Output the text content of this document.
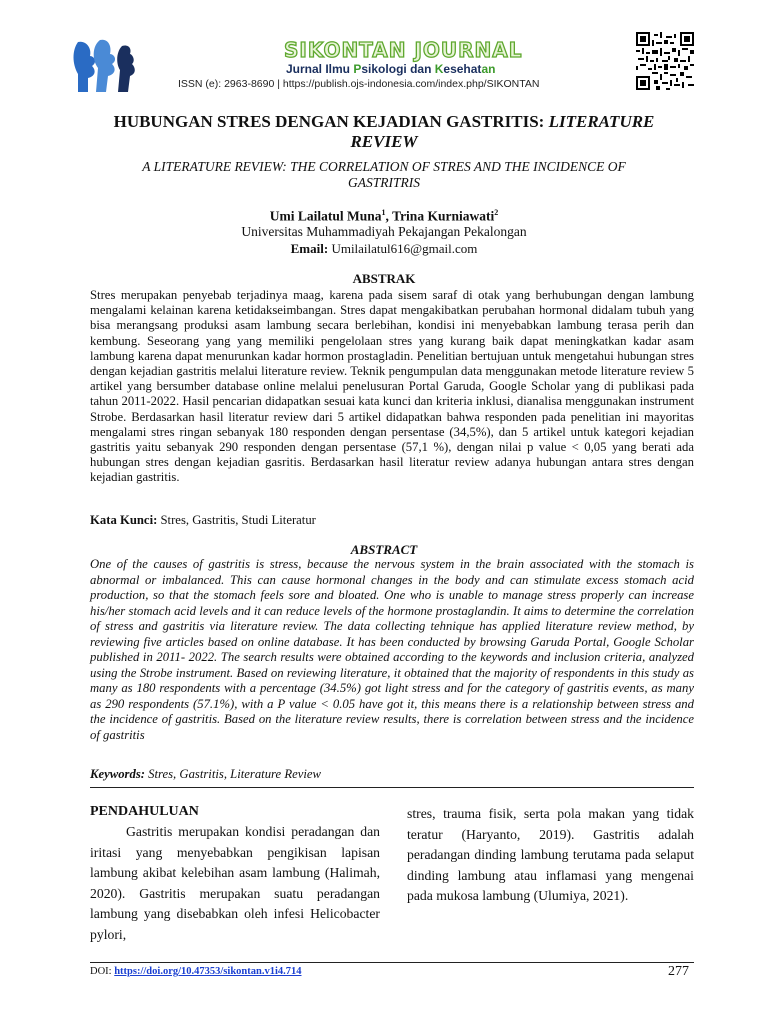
SIKONTAN JOURNAL
Jurnal Ilmu Psikologi dan Kesehatan
ISSN (e): 2963-8690 | https://publish.ojs-indonesia.com/index.php/SIKONTAN
HUBUNGAN STRES DENGAN KEJADIAN GASTRITIS: LITERATURE REVIEW
A LITERATURE REVIEW: THE CORRELATION OF STRES AND THE INCIDENCE OF GASTRITRIS
Umi Lailatul Muna$^1$, Trina Kurniawati$^2$
Universitas Muhammadiyah Pekajangan Pekalongan
Email: Umilailatul616@gmail.com
ABSTRAK

Stres merupakan penyebab terjadinya maag, karena pada sisem saraf di otak yang berhubungan dengan lambung mengalami kelainan karena ketidakseimbangan. Stres dapat mengakibatkan perubahan hormonal didalam tubuh yang bisa merangsang produksi asam lambung secara berlebihan, kondisi ini menyebabkan lambung terasa perih dan kembung. Seseorang yang yang memiliki pengelolaan stres yang kurang baik dapat meningkatkan kadar asam lambung karena dapat menurunkan kadar hormon prostagladin. Penelitian bertujuan untuk mengetahui hubungan stres dengan kejadian gastritis melalui literature review. Teknik pengumpulan data menggunakan metode literature review 5 artikel yang bersumber database online melalui penelusuran Portal Garuda, Google Scholar yang di publikasi pada tahun 2011-2022. Hasil pencarian didapatkan sesuai kata kunci dan kriteria inklusi, dianalisa menggunakan instrument Strobe. Berdasarkan hasil literatur review dari 5 artikel didapatkan bahwa responden pada penelitian ini mayoritas mengalami stres ringan sebanyak 180 responden dengan persentase (34,5%), dan 5 artikel untuk kategori kejadian gastritis yaitu sebanyak 290 responden dengan persentase (57,1 %), dengan nilai p value < 0,05 yang berati ada hubungan stres dengan kejadian gasritis. Berdasarkan hasil literatur review adanya hubungan antara stres dengan kejadian gastritis.

Kata Kunci: Stres, Gastritis, Studi Literatur
ABSTRACT

One of the causes of gastritis is stress, because the nervous system in the brain associated with the stomach is abnormal or imbalanced. This can cause hormonal changes in the body and can stimulate excess stomach acid production, so that the stomach feels sore and bloated. One who is unable to manage stress properly can increase his/her stomach acid levels and it can reduce levels of the hormone prostaglandin. It aims to determine the correlation of stress and gastritis via literature review. The data collecting tehnique has applied literature review method, by reviewing five articles based on online database. It has been conducted by browsing Garuda Portal, Google Scholar published in 2011- 2022. The search results were obtained according to the keywords and inclusion criteria, analyzed using the Strobe instrument. Based on reviewing literature, it obtained that the majority of respondents in this study as many as 180 respondents with a percentage (34.5%) got light stress and for the category of gastritis events, as many as 290 respondents (57.1%), with a P value < 0.05 have got it, this means there is a relationship between stress and the incidence of gastritis. Based on the literature review results, there is correlation between stress and the incidence of gastritis

Keywords: Stres, Gastritis, Literature Review
PENDAHULUAN

Gastritis merupakan kondisi peradangan dan iritasi yang menyebabkan pengikisan lapisan lambung akibat kelebihan asam lambung (Halimah, 2020). Gastritis merupakan suatu peradangan lambung yang disebabkan oleh infesi Helicobacter pylori,

stres, trauma fisik, serta pola makan yang tidak teratur (Haryanto, 2019). Gastritis adalah peradangan dinding lambung terutama pada selaput dinding lambung atau inflamasi yang mengenai pada mukosa lambung (Ulumiya, 2021).

DOI: https://doi.org/10.47353/sikontan.v1i4.714	277
